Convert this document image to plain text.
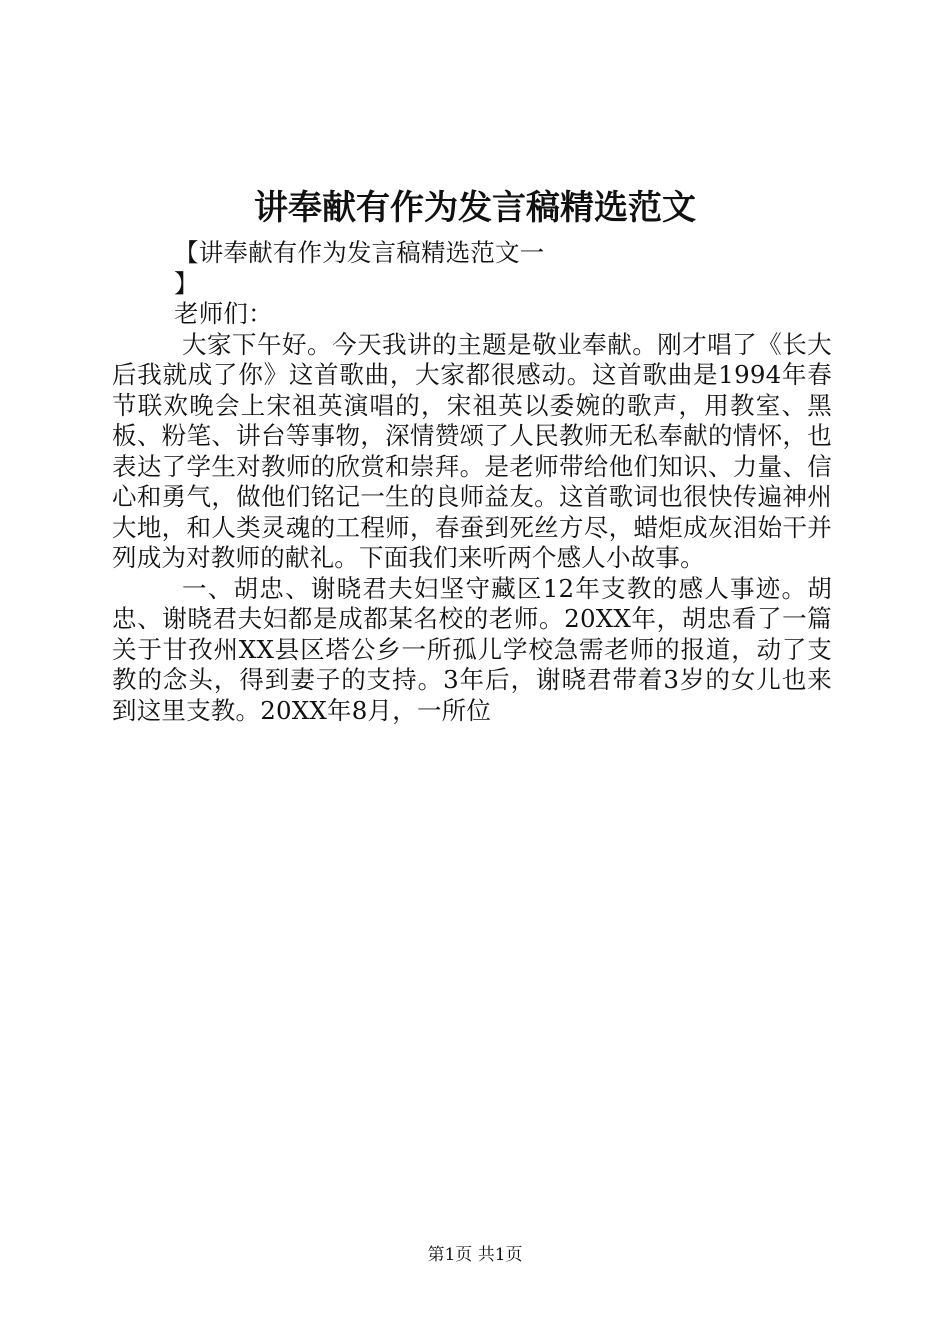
讲奉献有作为发言稿精选范文
【讲奉献有作为发言稿精选范文一
】
老师们：

大家下午好。今天我讲的主题是敬业奉献。刚才唱了《长大后我就成了你》这首歌曲，大家都很感动。这首歌曲是1994年春节联欢晚会上宋祖英演唱的，宋祖英以委婉的歌声，用教室、黑板、粉笔、讲台等事物，深情赞颂了人民教师无私奉献的情怀，也表达了学生对教师的欣赏和崇拜。是老师带给他们知识、力量、信心和勇气，做他们铭记一生的良师益友。这首歌词也很快传遍神州大地，和人类灵魂的工程师，春蚕到死丝方尽，蜡炬成灰泪始干并列成为对教师的献礼。下面我们来听两个感人小故事。

一、胡忠、谢晓君夫妇坚守藏区12年支教的感人事迹。胡忠、谢晓君夫妇都是成都某名校的老师。20XX年，胡忠看了一篇关于甘孜州XX县区塔公乡一所孤儿学校急需老师的报道，动了支教的念头，得到妻子的支持。3年后，谢晓君带着3岁的女儿也来到这里支教。20XX年8月，一所位

第1页 共1页
